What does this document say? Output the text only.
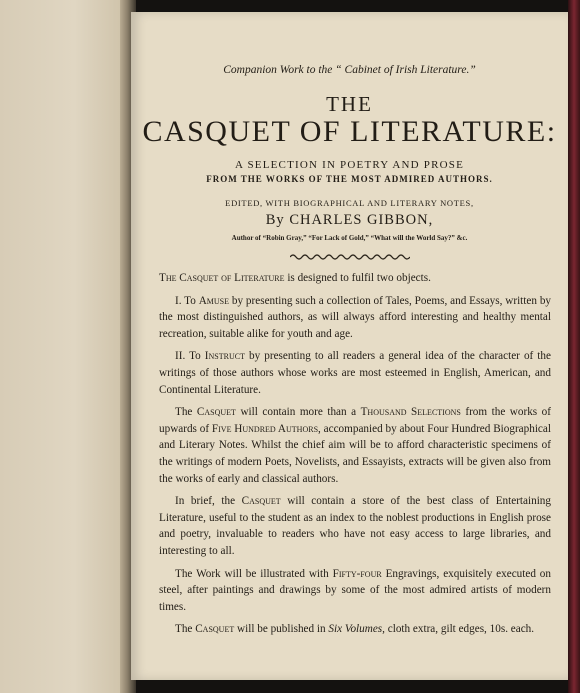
Companion Work to the “ Cabinet of Irish Literature.”
THE
CASQUET OF LITERATURE:
A SELECTION IN POETRY AND PROSE
FROM THE WORKS OF THE MOST ADMIRED AUTHORS.
EDITED, WITH BIOGRAPHICAL AND LITERARY NOTES,
By CHARLES GIBBON,
Author of “Robin Gray,” “For Lack of Gold,” “What will the World Say?” &c.

The Casquet of Literature is designed to fulfil two objects.

I. To Amuse by presenting such a collection of Tales, Poems, and Essays, written by the most distinguished authors, as will always afford interesting and healthy mental recreation, suitable alike for youth and age.

II. To Instruct by presenting to all readers a general idea of the character of the writings of those authors whose works are most esteemed in English, American, and Continental Literature.

The Casquet will contain more than a Thousand Selections from the works of upwards of Five Hundred Authors, accompanied by about Four Hundred Biographical and Literary Notes. Whilst the chief aim will be to afford characteristic specimens of the writings of modern Poets, Novelists, and Essayists, extracts will be given also from the works of early and classical authors.

In brief, the Casquet will contain a store of the best class of Entertaining Literature, useful to the student as an index to the noblest productions in English prose and poetry, invaluable to readers who have not easy access to large libraries, and interesting to all.

The Work will be illustrated with Fifty-four Engravings, exquisitely executed on steel, after paintings and drawings by some of the most admired artists of modern times.

The Casquet will be published in Six Volumes, cloth extra, gilt edges, 10s. each.
